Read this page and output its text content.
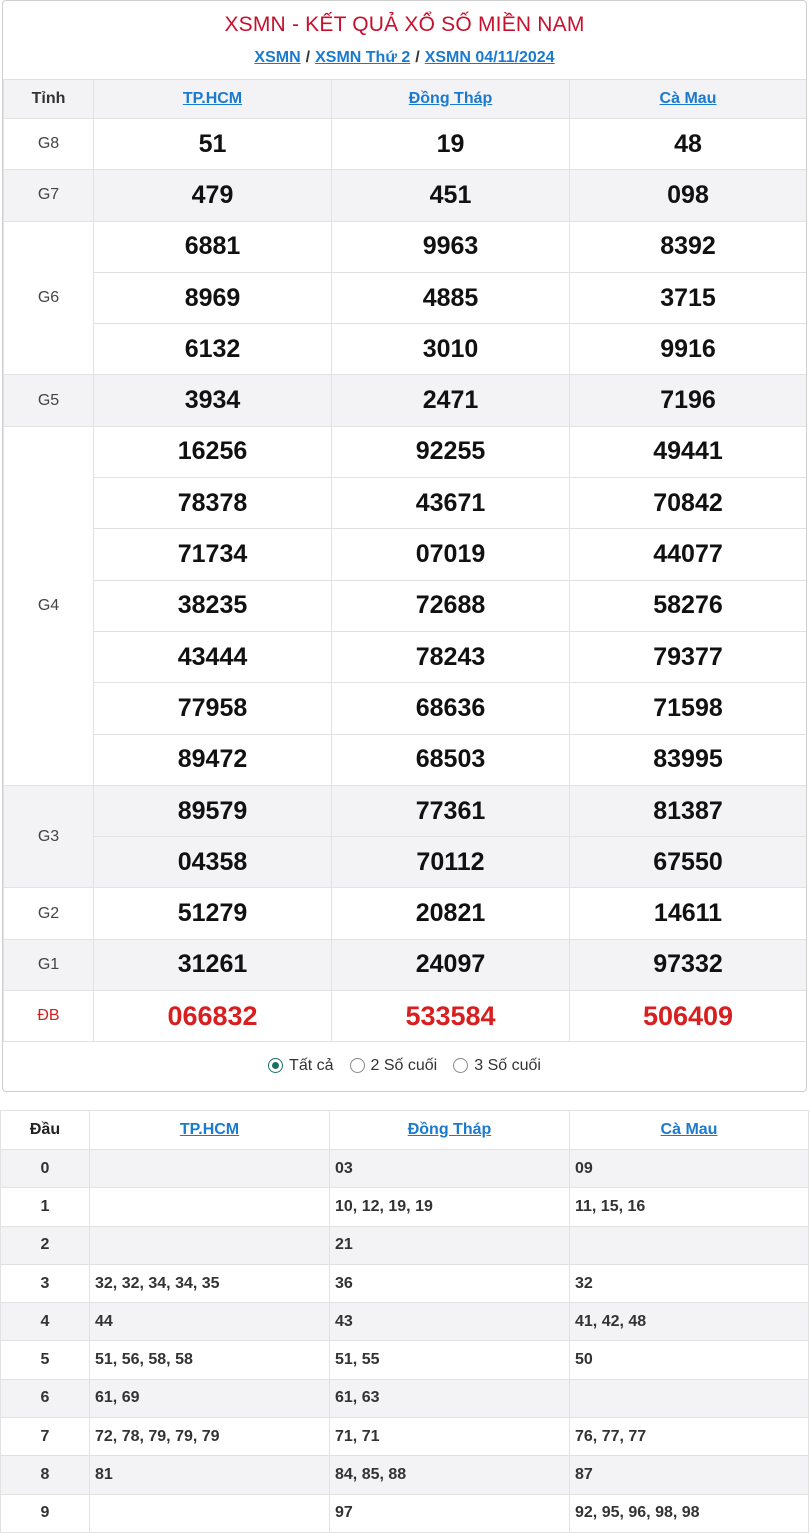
XSMN - KẾT QUẢ XỔ SỐ MIỀN NAM
XSMN / XSMN Thứ 2 / XSMN 04/11/2024
Tỉnh	TP.HCM	Đồng Tháp	Cà Mau
G8	51	19	48
G7	479	451	098
G6	6881	9963	8392
	8969	4885	3715
	6132	3010	9916
G5	3934	2471	7196
G4	16256	92255	49441
	78378	43671	70842
	71734	07019	44077
	38235	72688	58276
	43444	78243	79377
	77958	68636	71598
	89472	68503	83995
G3	89579	77361	81387
	04358	70112	67550
G2	51279	20821	14611
G1	31261	24097	97332
ĐB	066832	533584	506409
Tất cả 2 Số cuối 3 Số cuối
Đầu	TP.HCM	Đồng Tháp	Cà Mau
0		03	09
1		10, 12, 19, 19	11, 15, 16
2		21	
3	32, 32, 34, 34, 35	36	32
4	44	43	41, 42, 48
5	51, 56, 58, 58	51, 55	50
6	61, 69	61, 63	
7	72, 78, 79, 79, 79	71, 71	76, 77, 77
8	81	84, 85, 88	87
9		97	92, 95, 96, 98, 98
